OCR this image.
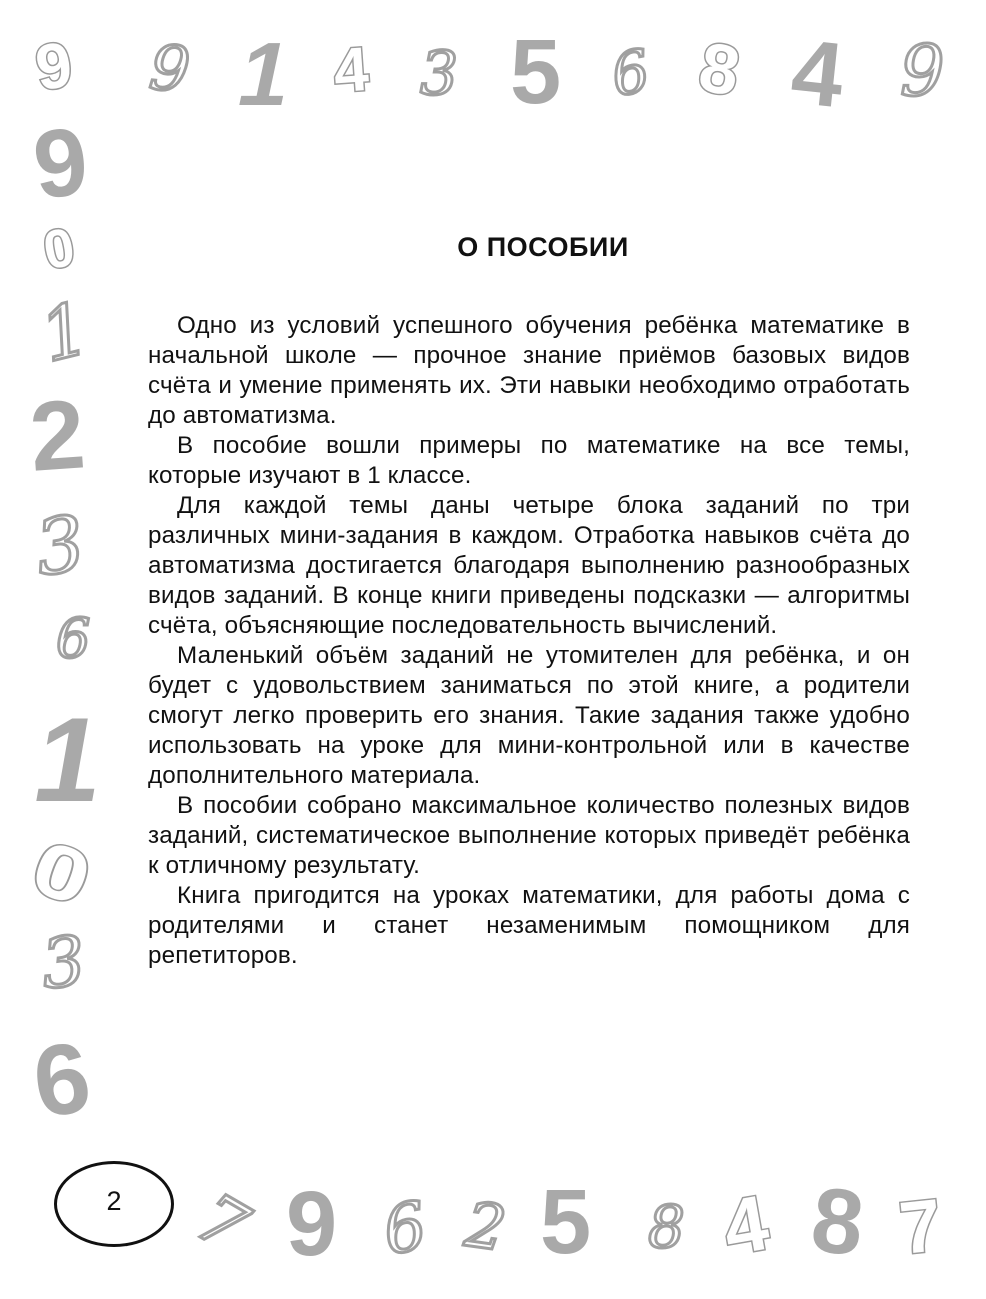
9 9 1 4 3 5 6 8 4 9
9
0
1
2
3
6
1
0
3
6
О ПОСОБИИ

Одно из условий успешного обучения ребёнка математике в начальной школе — прочное знание приёмов базовых видов счёта и умение применять их. Эти навыки необходимо отработать до автоматизма.

В пособие вошли примеры по математике на все темы, которые изучают в 1 классе.

Для каждой темы даны четыре блока заданий по три различных мини-задания в каждом. Отработка навыков счёта до автоматизма достигается благодаря выполнению разнообразных видов заданий. В конце книги приведены подсказки — алгоритмы счёта, объясняющие последовательность вычислений.

Маленький объём заданий не утомителен для ребёнка, и он будет с удовольствием заниматься по этой книге, а родители смогут легко проверить его знания. Такие задания также удобно использовать на уроке для мини-контрольной или в качестве дополнительного материала.

В пособии собрано максимальное количество полезных видов заданий, систематическое выполнение которых приведёт ребёнка к отличному результату.

Книга пригодится на уроках математики, для работы дома с родителями и станет незаменимым помощником для репетиторов.

2 7 9 6 2 5 8 4 8 7
